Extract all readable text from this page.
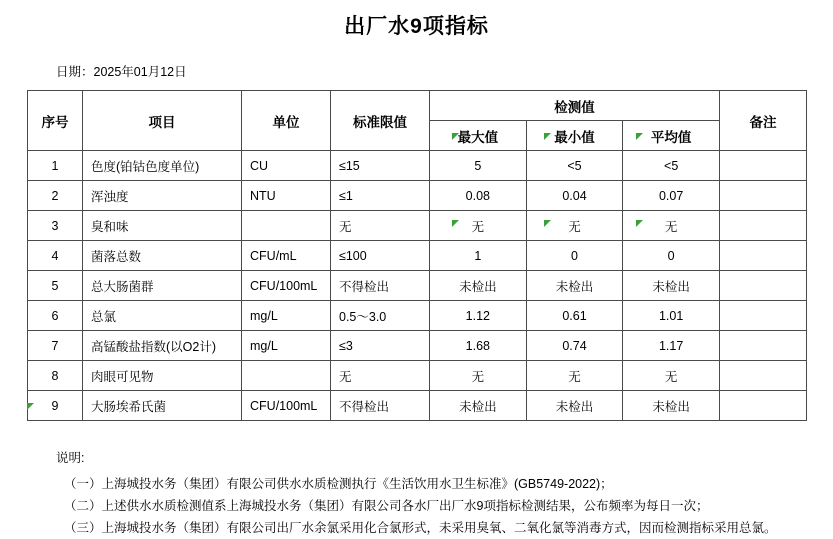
出厂水9项指标
日期：2025年01月12日
序号	项目	单位	标准限值	检测值			备注
				最大值	最小值	平均值	
1	色度(铂钴色度单位)	CU	≤15	5	<5	<5	
2	浑浊度	NTU	≤1	0.08	0.04	0.07	
3	臭和味		无	无	无	无	
4	菌落总数	CFU/mL	≤100	1	0	0	
5	总大肠菌群	CFU/100mL	不得检出	未检出	未检出	未检出	
6	总氯	mg/L	0.5～3.0	1.12	0.61	1.01	
7	高锰酸盐指数(以O2计)	mg/L	≤3	1.68	0.74	1.17	
8	肉眼可见物		无	无	无	无	
9	大肠埃希氏菌	CFU/100mL	不得检出	未检出	未检出	未检出	
说明:
（一）上海城投水务（集团）有限公司供水水质检测执行《生活饮用水卫生标准》(GB5749-2022)；
（二）上述供水水质检测值系上海城投水务（集团）有限公司各水厂出厂水9项指标检测结果，公布频率为每日一次；
（三）上海城投水务（集团）有限公司出厂水余氯采用化合氯形式，未采用臭氧、二氧化氯等消毒方式，因而检测指标采用总氯。
